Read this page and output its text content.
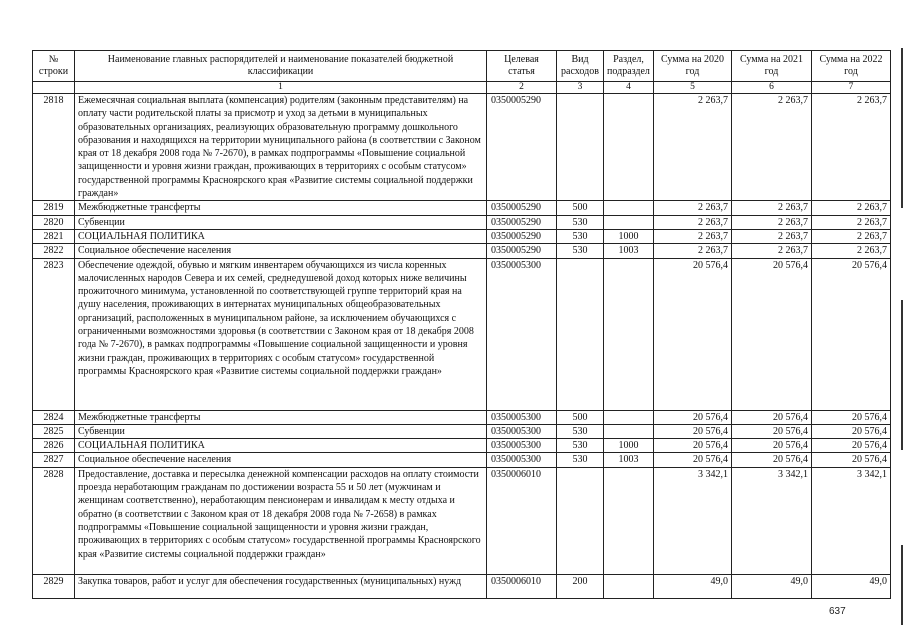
№ строки	Наименование главных распорядителей и наименование показателей бюджетной классификации	Целевая статья	Вид расходов	Раздел, подраздел	Сумма на 2020 год	Сумма на 2021 год	Сумма на 2022 год
	1	2	3	4	5	6	7
2818	Ежемесячная социальная выплата (компенсация) родителям (законным представителям) на оплату части родительской платы за присмотр и уход за детьми в муниципальных образовательных организациях, реализующих образовательную программу дошкольного образования и находящихся на территории муниципального района (в соответствии с Законом края от 18 декабря 2008 года № 7-2670), в рамках подпрограммы «Повышение социальной защищенности и уровня жизни граждан, проживающих в территориях с особым статусом» государственной программы Красноярского края «Развитие системы социальной поддержки граждан»	0350005290			2 263,7	2 263,7	2 263,7
2819	Межбюджетные трансферты	0350005290	500		2 263,7	2 263,7	2 263,7
2820	Субвенции	0350005290	530		2 263,7	2 263,7	2 263,7
2821	СОЦИАЛЬНАЯ ПОЛИТИКА	0350005290	530	1000	2 263,7	2 263,7	2 263,7
2822	Социальное обеспечение населения	0350005290	530	1003	2 263,7	2 263,7	2 263,7
2823	Обеспечение одеждой, обувью и мягким инвентарем обучающихся из числа коренных малочисленных народов Севера и их семей, среднедушевой доход которых ниже величины прожиточного минимума, установленной по соответствующей группе территорий края на душу населения, проживающих в интернатах муниципальных общеобразовательных организаций, расположенных в муниципальном районе, за исключением обучающихся с ограниченными возможностями здоровья (в соответствии с Законом края от 18 декабря 2008 года № 7-2670), в рамках подпрограммы «Повышение социальной защищенности и уровня жизни граждан, проживающих в территориях с особым статусом» государственной программы Красноярского края «Развитие системы социальной поддержки граждан»	0350005300			20 576,4	20 576,4	20 576,4
2824	Межбюджетные трансферты	0350005300	500		20 576,4	20 576,4	20 576,4
2825	Субвенции	0350005300	530		20 576,4	20 576,4	20 576,4
2826	СОЦИАЛЬНАЯ ПОЛИТИКА	0350005300	530	1000	20 576,4	20 576,4	20 576,4
2827	Социальное обеспечение населения	0350005300	530	1003	20 576,4	20 576,4	20 576,4
2828	Предоставление, доставка и пересылка денежной компенсации расходов на оплату стоимости проезда неработающим гражданам по достижении возраста 55 и 50 лет (мужчинам и женщинам соответственно), неработающим пенсионерам и инвалидам к месту отдыха и обратно (в соответствии с Законом края от 18 декабря 2008 года № 7-2658) в рамках подпрограммы «Повышение социальной защищенности и уровня жизни граждан, проживающих в территориях с особым статусом» государственной программы Красноярского края «Развитие системы социальной поддержки граждан»	0350006010			3 342,1	3 342,1	3 342,1
2829	Закупка товаров, работ и услуг для обеспечения государственных (муниципальных) нужд	0350006010	200		49,0	49,0	49,0
637
